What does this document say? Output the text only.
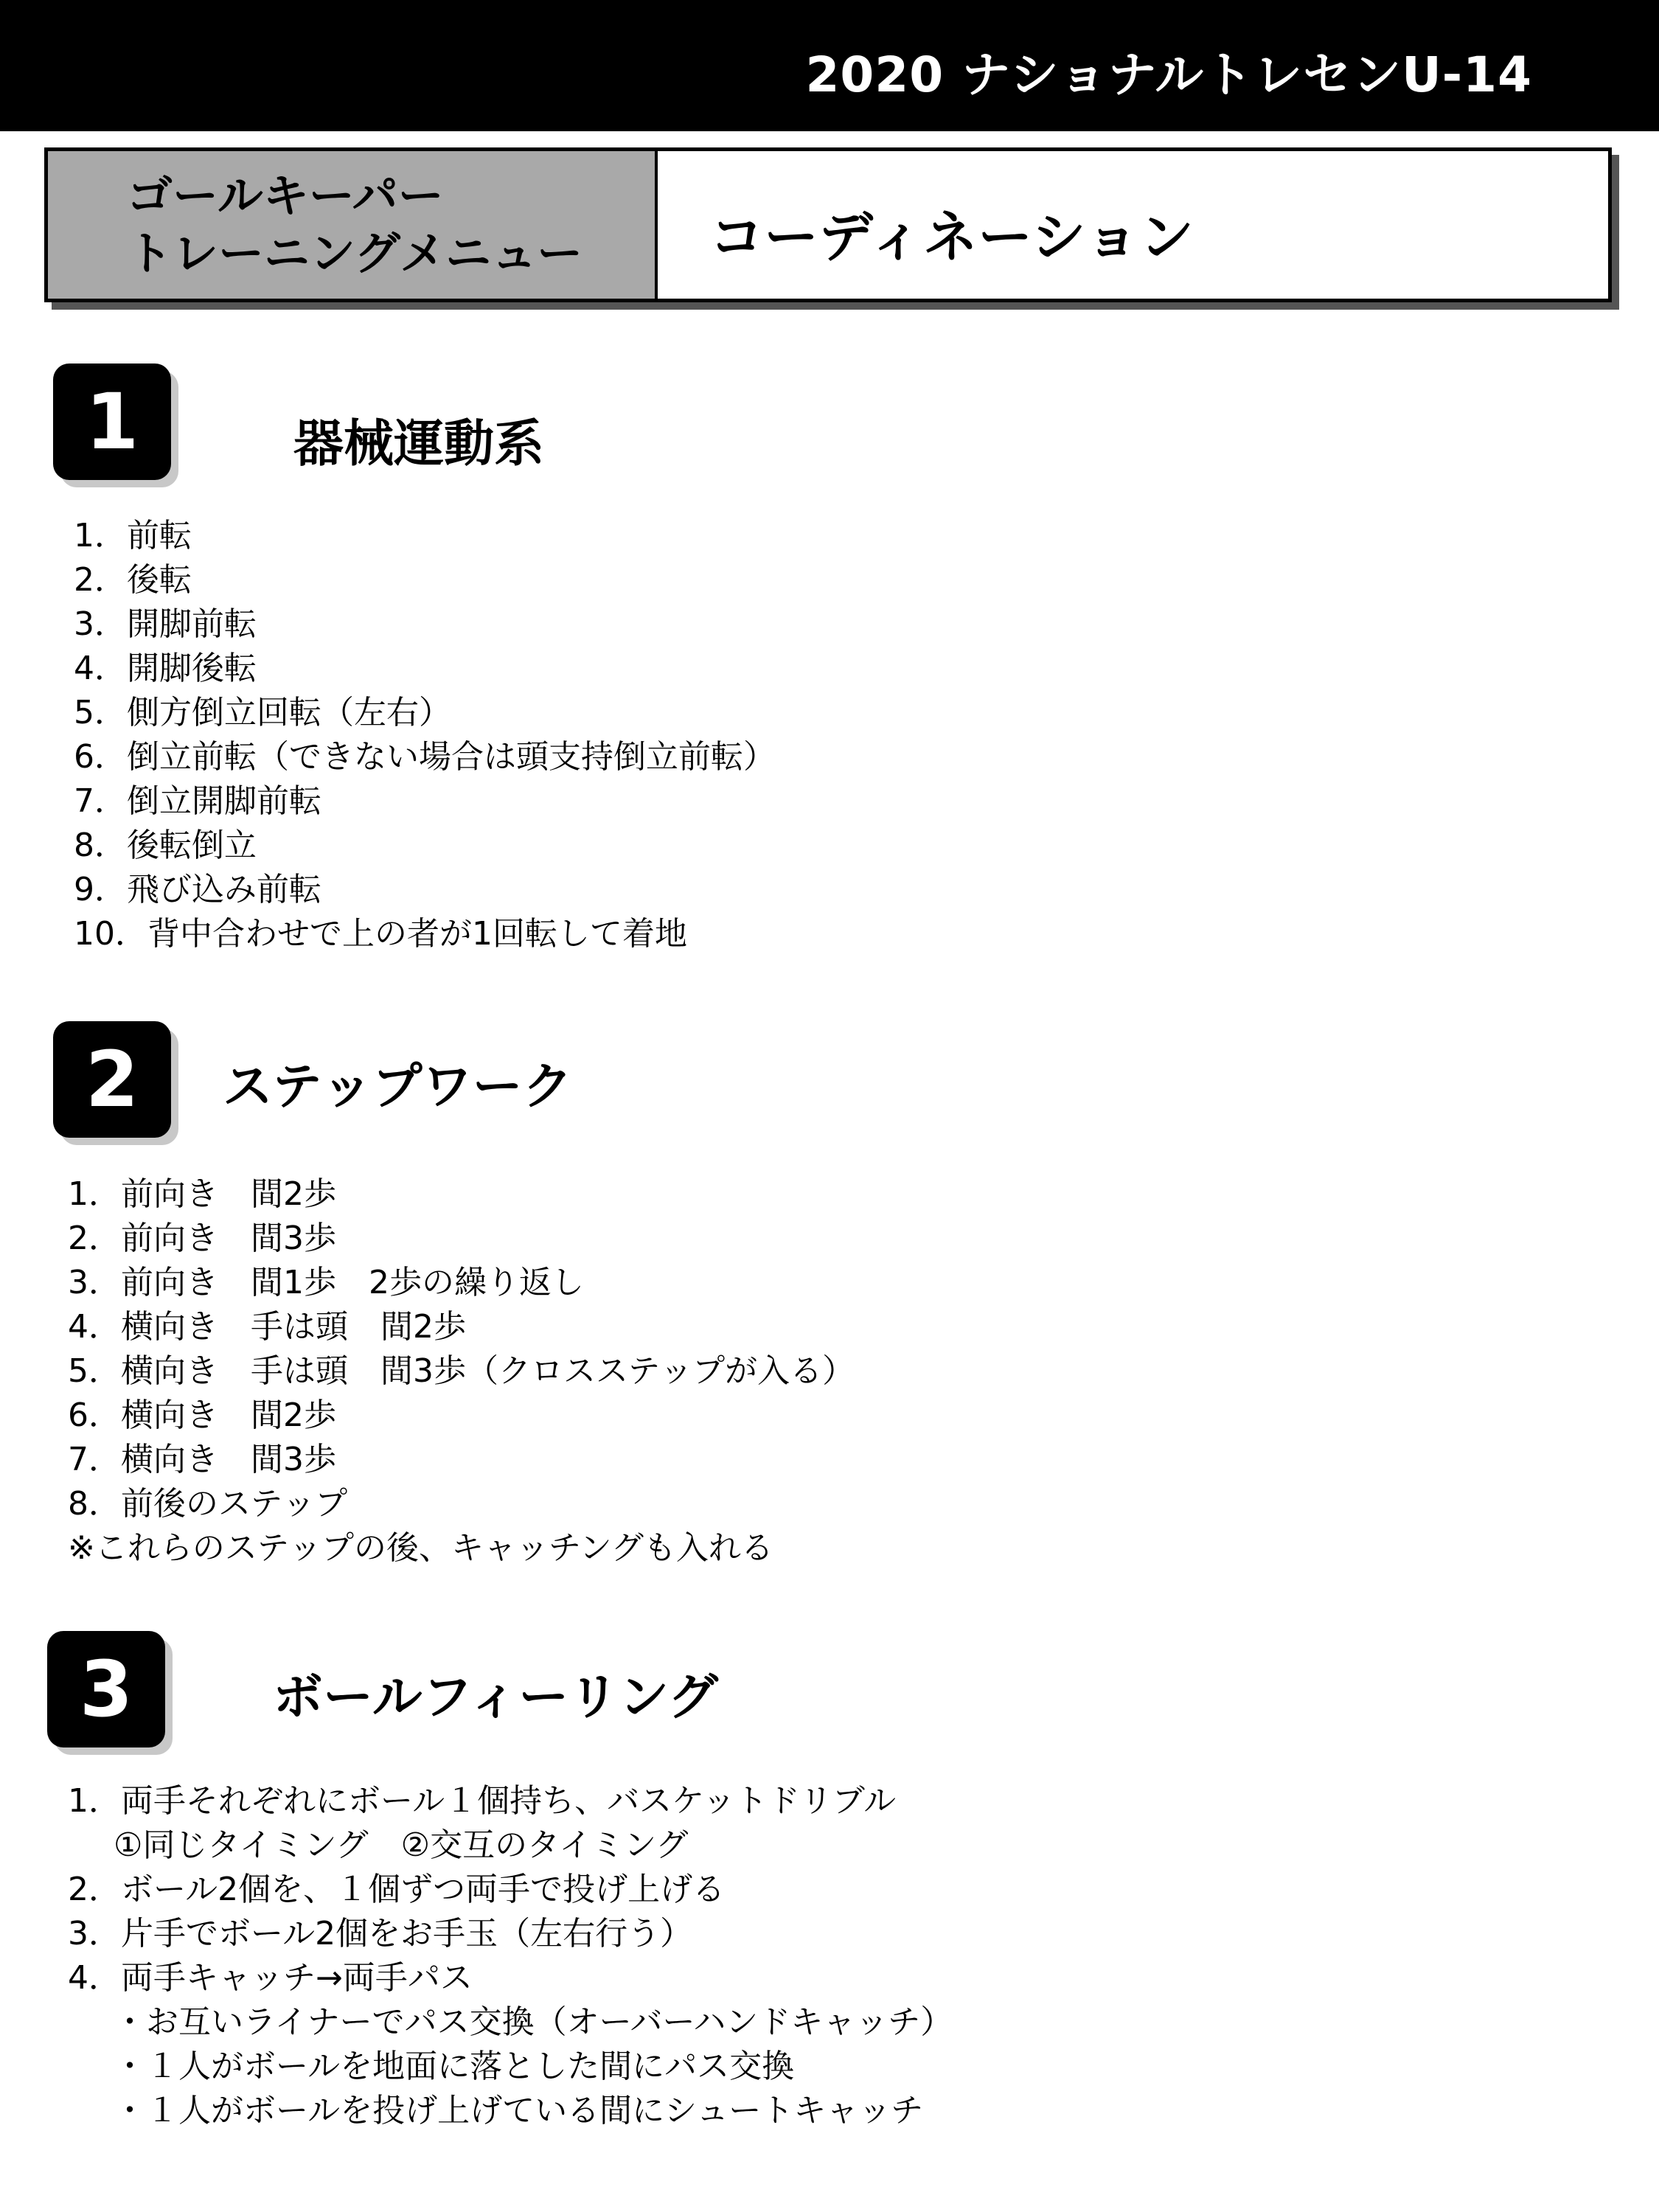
2020 ナショナルトレセンU-14
ゴールキーパー
トレーニングメニュー	コーディネーション
1	器械運動系
1．前転
2．後転
3．開脚前転
4．開脚後転
5．側方倒立回転（左右）
6．倒立前転（できない場合は頭支持倒立前転）
7．倒立開脚前転
8．後転倒立
9．飛び込み前転
10．背中合わせで上の者が1回転して着地
2	ステップワーク
1．前向き　間2歩
2．前向き　間3歩
3．前向き　間1歩　2歩の繰り返し
4．横向き　手は頭　間2歩
5．横向き　手は頭　間3歩（クロスステップが入る）
6．横向き　間2歩
7．横向き　間3歩
8．前後のステップ
※これらのステップの後、キャッチングも入れる
3	ボールフィーリング
1．両手それぞれにボール１個持ち、バスケットドリブル
①同じタイミング　②交互のタイミング
2．ボール2個を、１個ずつ両手で投げ上げる
3．片手でボール2個をお手玉（左右行う）
4．両手キャッチ→両手パス
・お互いライナーでパス交換（オーバーハンドキャッチ）
・１人がボールを地面に落とした間にパス交換
・１人がボールを投げ上げている間にシュートキャッチ
